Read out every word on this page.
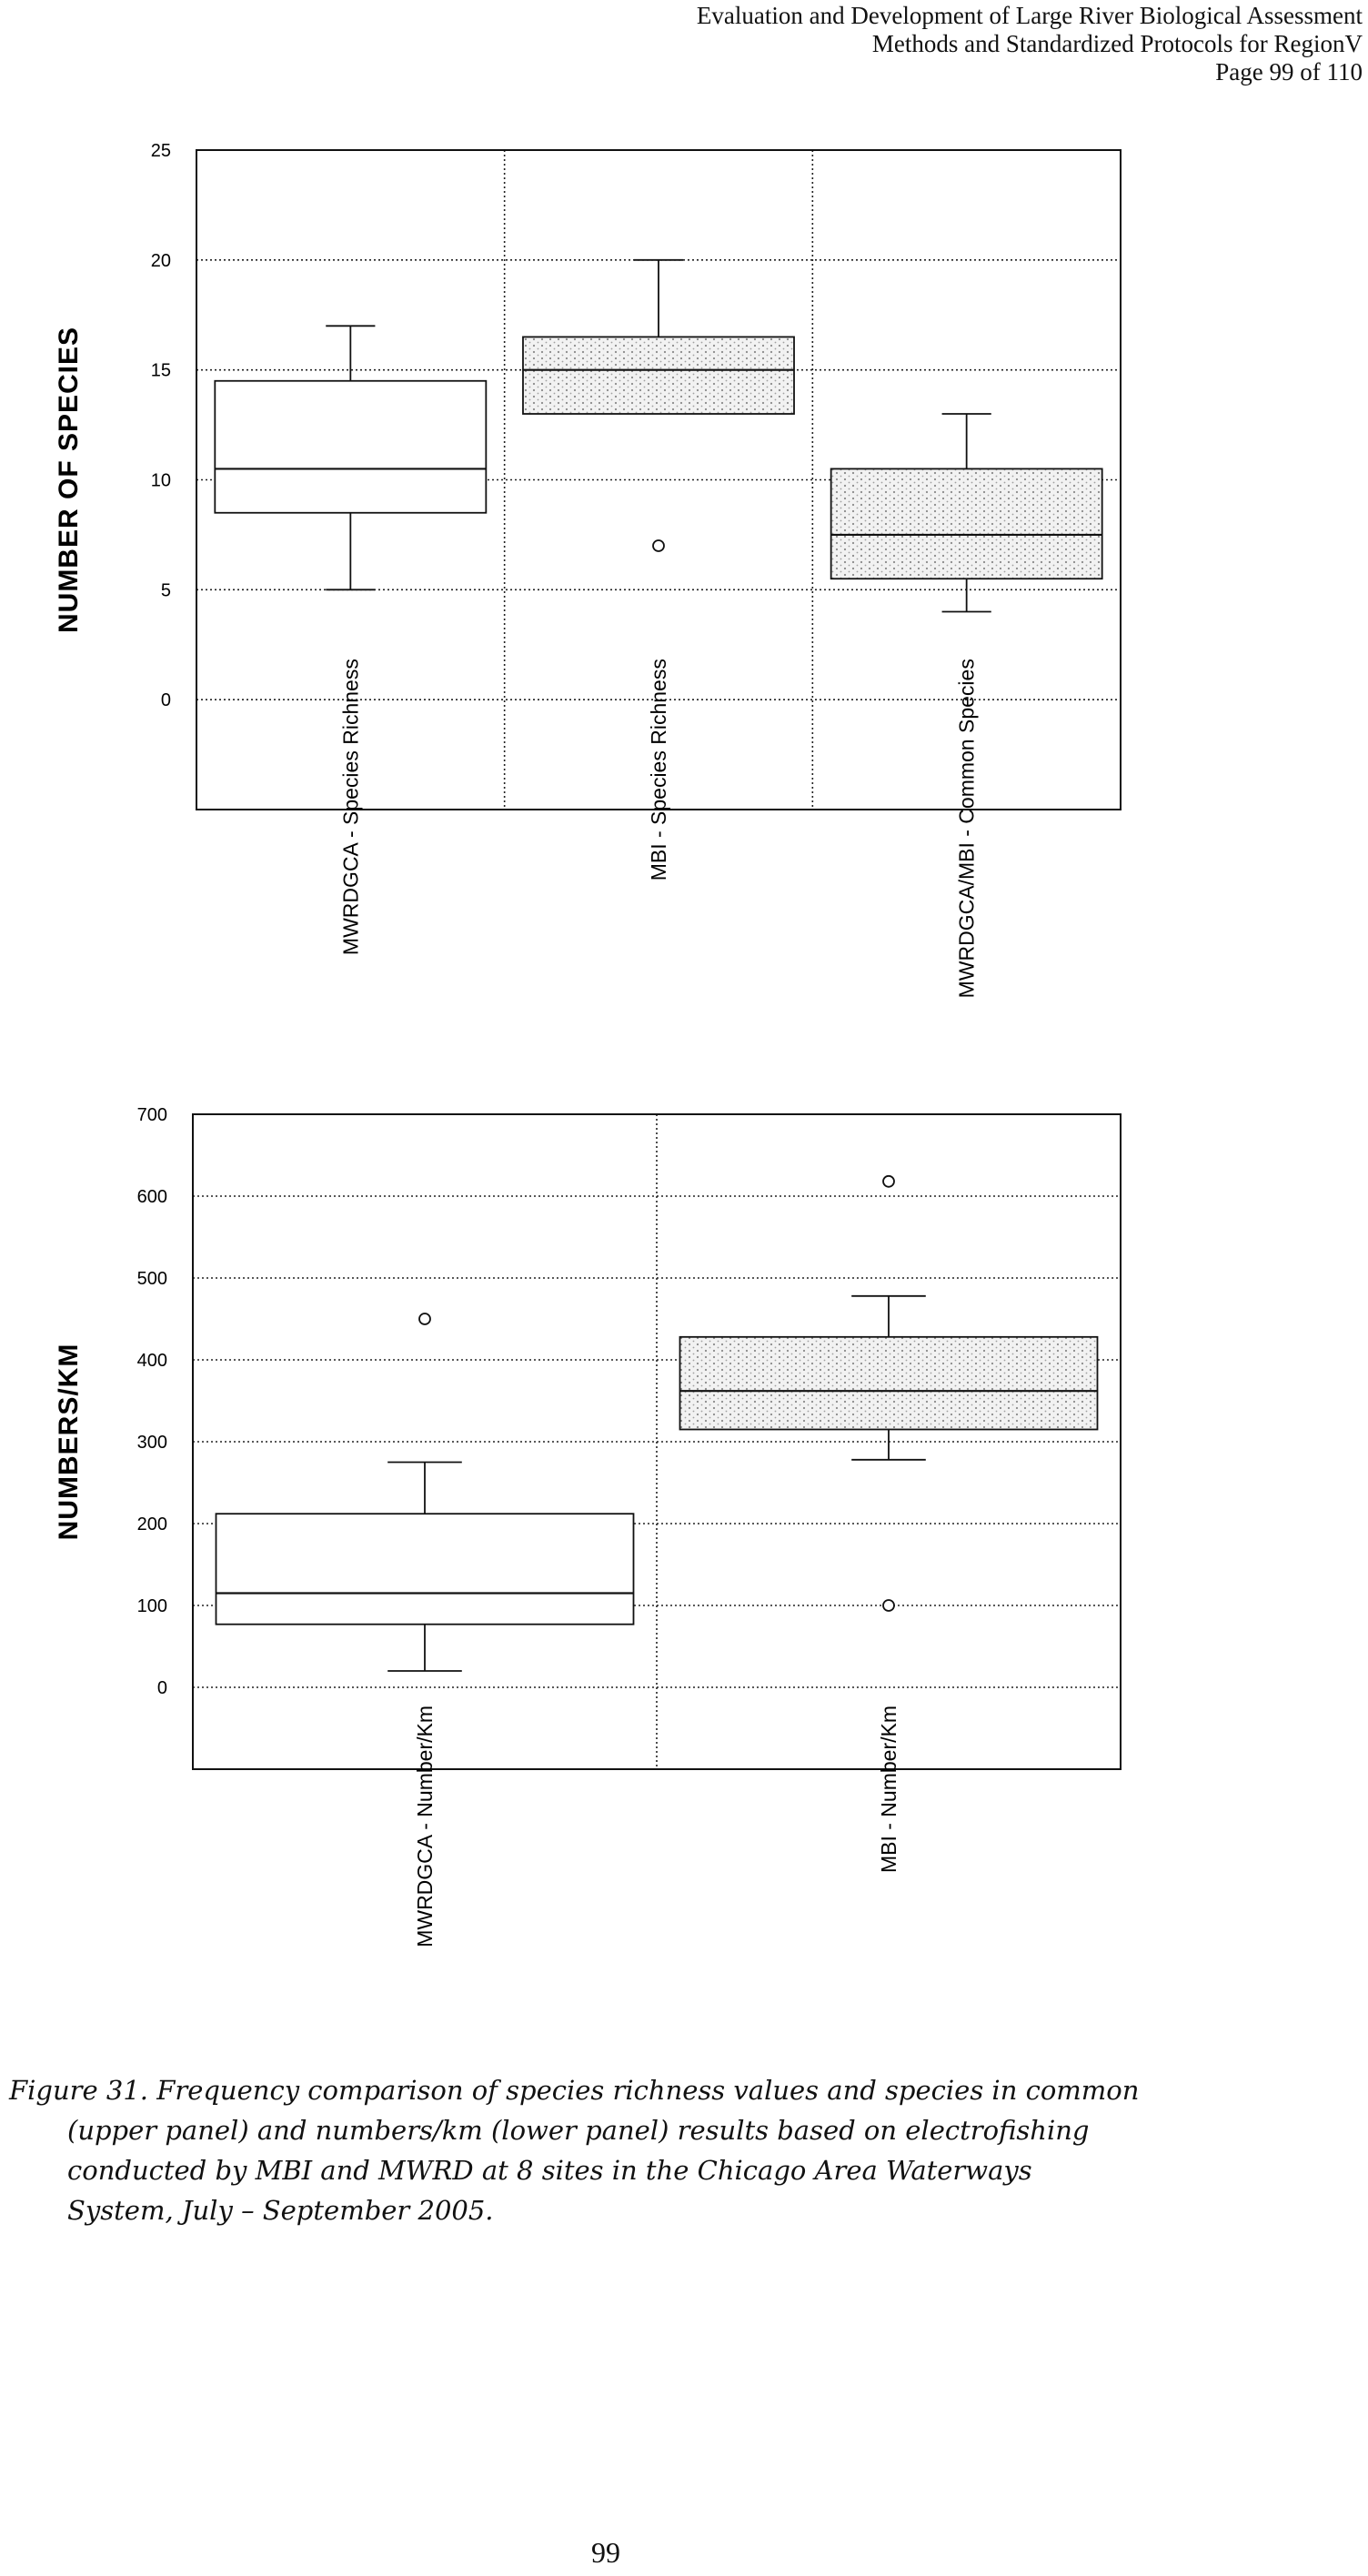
Evaluation and Development of Large River Biological Assessment
Methods and Standardized Protocols for RegionV
Page 99 of 110
0
5
10
15
20
25
NUMBER OF SPECIES
MWRDGCA - Species Richness	MBI - Species Richness	MWRDGCA/MBI - Common Species
0
100
200
300
400
500
600
700
NUMBERS/KM
MWRDGCA - Number/Km	MBI - Number/Km
Figure 31. Frequency comparison of species richness values and species in common
(upper panel) and numbers/km (lower panel) results based on electrofishing
conducted by MBI and MWRD at 8 sites in the Chicago Area Waterways
System, July – September 2005.
99
